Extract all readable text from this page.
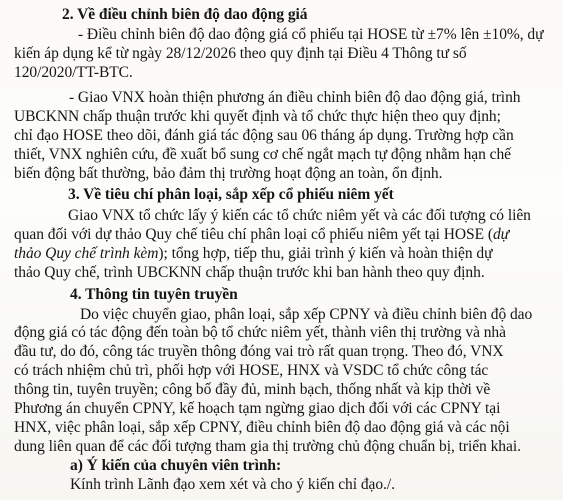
2. Về điều chỉnh biên độ dao động giá
- Điều chỉnh biên độ dao động giá cổ phiếu tại HOSE từ ±7% lên ±10%, dự
kiến áp dụng kể từ ngày 28/12/2026 theo quy định tại Điều 4 Thông tư số
120/2020/TT-BTC.
- Giao VNX hoàn thiện phương án điều chỉnh biên độ dao động giá, trình
UBCKNN chấp thuận trước khi quyết định và tổ chức thực hiện theo quy định;
chỉ đạo HOSE theo dõi, đánh giá tác động sau 06 tháng áp dụng. Trường hợp cần
thiết, VNX nghiên cứu, đề xuất bổ sung cơ chế ngắt mạch tự động nhằm hạn chế
biến động bất thường, bảo đảm thị trường hoạt động an toàn, ổn định.
3. Về tiêu chí phân loại, sắp xếp cổ phiếu niêm yết
Giao VNX tổ chức lấy ý kiến các tổ chức niêm yết và các đối tượng có liên
quan đối với dự thảo Quy chế tiêu chí phân loại cổ phiếu niêm yết tại HOSE (dự
thảo Quy chế trình kèm); tổng hợp, tiếp thu, giải trình ý kiến và hoàn thiện dự
thảo Quy chế, trình UBCKNN chấp thuận trước khi ban hành theo quy định.
4. Thông tin tuyên truyền
Do việc chuyển giao, phân loại, sắp xếp CPNY và điều chỉnh biên độ dao
động giá có tác động đến toàn bộ tổ chức niêm yết, thành viên thị trường và nhà
đầu tư, do đó, công tác truyền thông đóng vai trò rất quan trọng. Theo đó, VNX
có trách nhiệm chủ trì, phối hợp với HOSE, HNX và VSDC tổ chức công tác
thông tin, tuyên truyền; công bố đầy đủ, minh bạch, thống nhất và kịp thời về
Phương án chuyển CPNY, kế hoạch tạm ngừng giao dịch đối với các CPNY tại
HNX, việc phân loại, sắp xếp CPNY, điều chỉnh biên độ dao động giá và các nội
dung liên quan để các đối tượng tham gia thị trường chủ động chuẩn bị, triển khai.
a) Ý kiến của chuyên viên trình:
Kính trình Lãnh đạo xem xét và cho ý kiến chỉ đạo./.
